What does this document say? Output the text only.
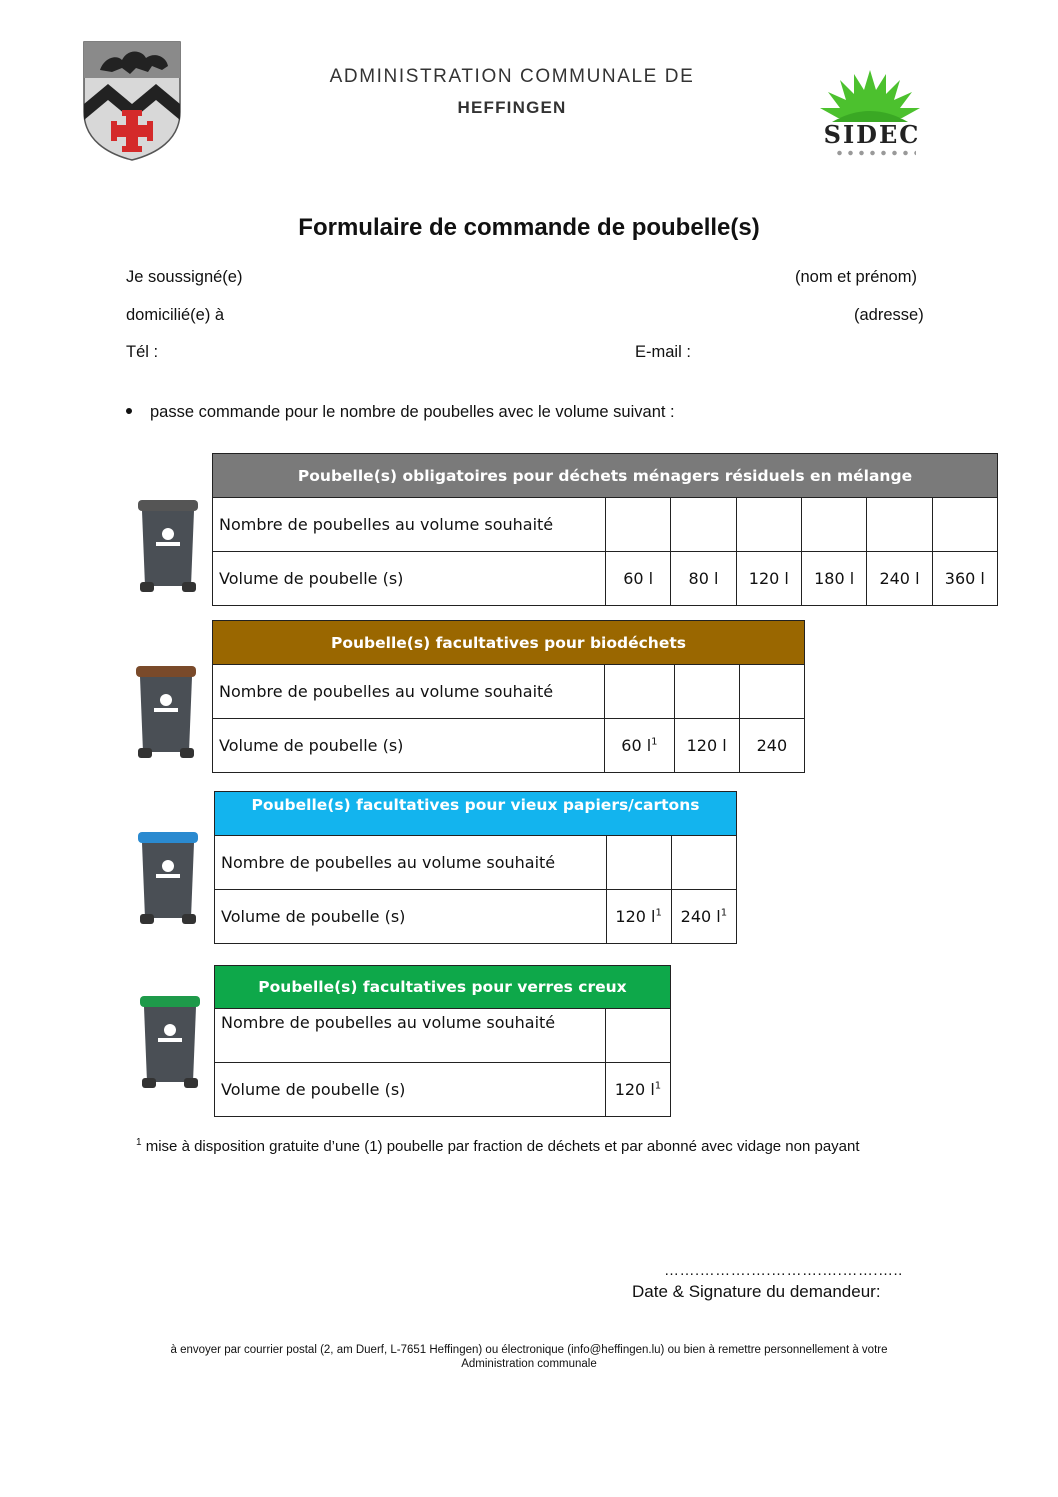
ADMINISTRATION COMMUNALE DE
HEFFINGEN
SIDEC
Formulaire de commande de poubelle(s)
Je soussigné(e)	(nom et prénom)
domicilié(e) à	(adresse)
Tél :	E-mail :
passe commande pour le nombre de poubelles avec le volume suivant :
Poubelle(s) obligatoires pour déchets ménagers résiduels en mélange						
Nombre de poubelles au volume souhaité						
Volume de poubelle (s)	60 l	80 l	120 l	180 l	240 l	360 l
Poubelle(s) facultatives pour biodéchets			
Nombre de poubelles au volume souhaité			
Volume de poubelle (s)	60 $l^1$	120 l	240
Poubelle(s) facultatives pour vieux papiers/cartons		
Nombre de poubelles au volume souhaité		
Volume de poubelle (s)	120 $l^1$	240 $l^1$
Poubelle(s) facultatives pour verres creux	
Nombre de poubelles au volume souhaité	
Volume de poubelle (s)	120 $l^1$
$^1$ mise à disposition gratuite d’une (1) poubelle par fraction de déchets et par abonné avec vidage non payant
…….……….….……….….…….…..
Date & Signature du demandeur:
à envoyer par courrier postal (2, am Duerf, L-7651 Heffingen) ou électronique (info@heffingen.lu) ou bien à remettre personnellement à votre
Administration communale
